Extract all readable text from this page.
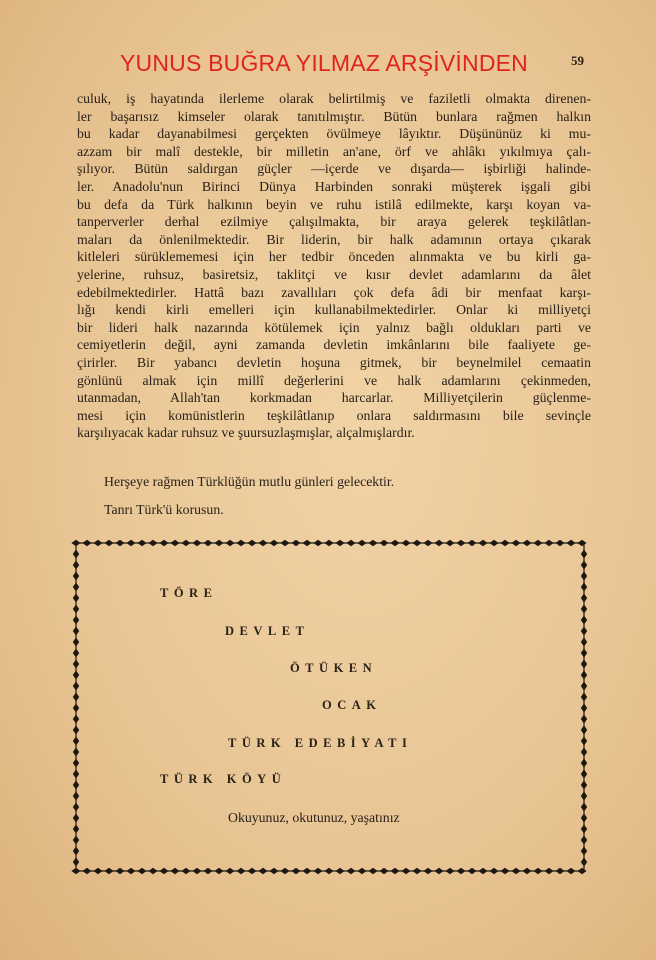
YUNUS BUĞRA YILMAZ ARŞİVİNDEN	59
culuk, iş hayatında ilerleme olarak belirtilmiş ve faziletli olmakta direnen-
ler başarısız kimseler olarak tanıtılmıştır. Bütün bunlara rağmen halkın
bu kadar dayanabilmesi gerçekten övülmeye lâyıktır. Düşününüz ki mu-
azzam bir malî destekle, bir milletin an'ane, örf ve ahlâkı yıkılmıya çalı-
şılıyor. Bütün saldırgan güçler —içerde ve dışarda— işbirliği halinde-
ler. Anadolu'nun Birinci Dünya Harbinden sonraki müşterek işgali gibi
bu defa da Türk halkının beyin ve ruhu istilâ edilmekte, karşı koyan va-
tanperverler derhal ezilmiye çalışılmakta, bir araya gelerek teşkilâtlan-
maları da önlenilmektedir. Bir liderin, bir halk adamının ortaya çıkarak
kitleleri sürüklememesi için her tedbir önceden alınmakta ve bu kirli ga-
yelerine, ruhsuz, basiretsiz, taklitçi ve kısır devlet adamlarını da âlet
edebilmektedirler. Hattâ bazı zavallıları çok defa âdi bir menfaat karşı-
lığı kendi kirli emelleri için kullanabilmektedirler. Onlar ki milliyetçi
bir lideri halk nazarında kötülemek için yalnız bağlı oldukları parti ve
cemiyetlerin değil, ayni zamanda devletin imkânlarını bile faaliyete ge-
çirirler. Bir yabancı devletin hoşuna gitmek, bir beynelmilel cemaatin
gönlünü almak için millî değerlerini ve halk adamlarını çekinmeden,
utanmadan, Allah'tan korkmadan harcarlar. Milliyetçilerin güçlenme-
mesi için komünistlerin teşkilâtlanıp onlara saldırmasını bile sevinçle
karşılıyacak kadar ruhsuz ve şuursuzlaşmışlar, alçalmışlardır.
Herşeye rağmen Türklüğün mutlu günleri gelecektir.
Tanrı Türk'ü korusun.
TÖRE
DEVLET
ÖTÜKEN
OCAK
TÜRK EDEBİYATI
TÜRK KÖYÜ
Okuyunuz, okutunuz, yaşatınız
